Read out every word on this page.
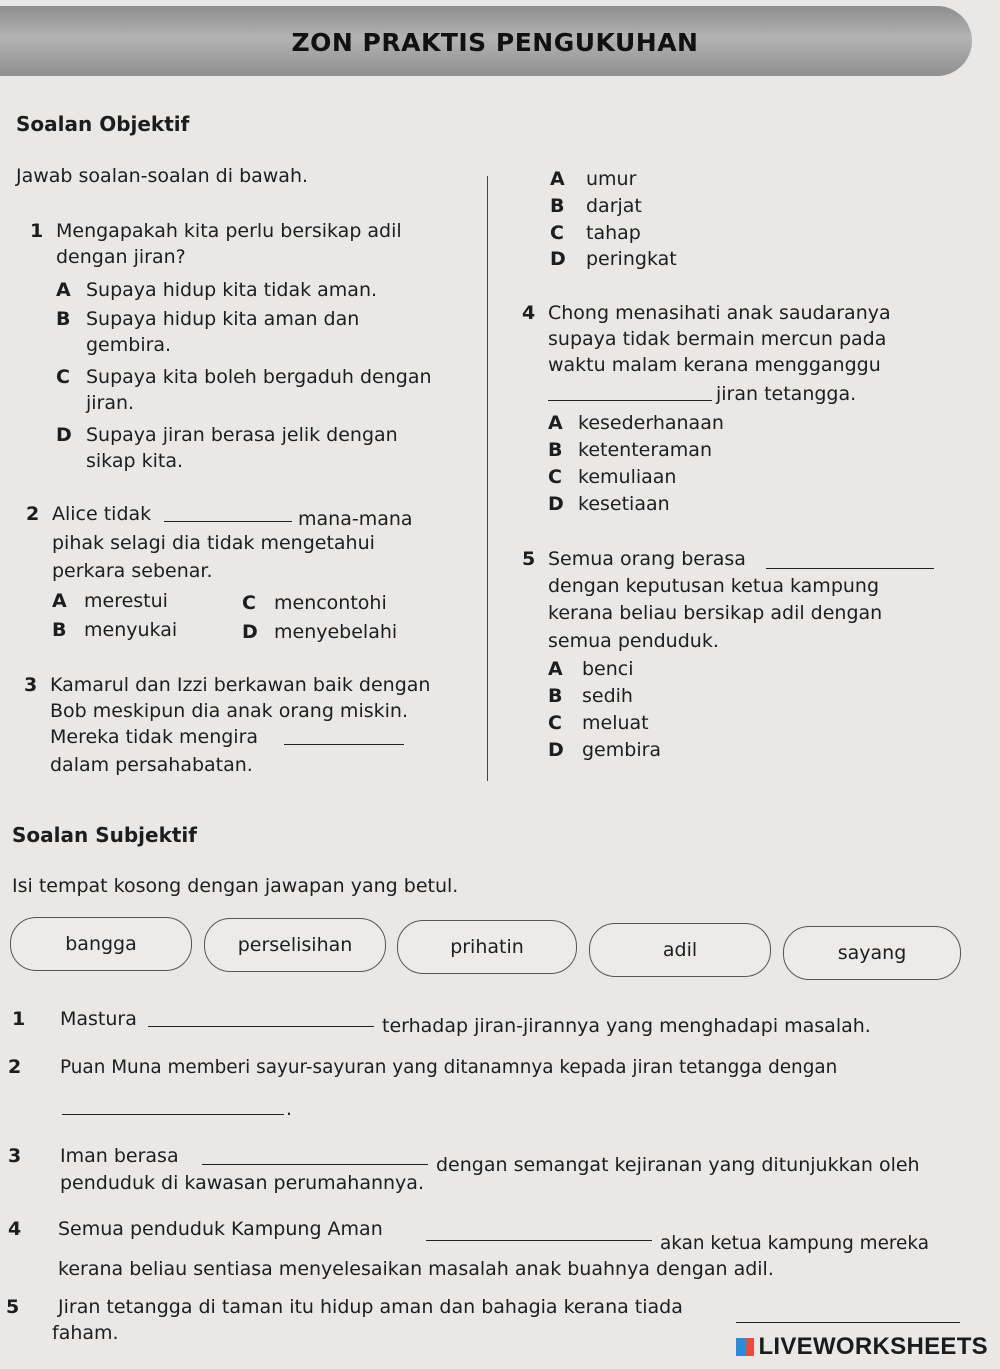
ZON PRAKTIS PENGUKUHAN
Soalan Objektif
Jawab soalan-soalan di bawah.
1 Mengapakah kita perlu bersikap adil
dengan jiran?
A Supaya hidup kita tidak aman.
B Supaya hidup kita aman dan
gembira.
C Supaya kita boleh bergaduh dengan
jiran.
D Supaya jiran berasa jelik dengan
sikap kita.
2 Alice tidak	mana-mana
pihak selagi dia tidak mengetahui
perkara sebenar.
A merestui	C mencontohi
B menyukai	D menyebelahi
3 Kamarul dan Izzi berkawan baik dengan
Bob meskipun dia anak orang miskin.
Mereka tidak mengira
dalam persahabatan.
A umur
B darjat
C tahap
D peringkat
4 Chong menasihati anak saudaranya
supaya tidak bermain mercun pada
waktu malam kerana mengganggu
jiran tetangga.
A kesederhanaan
B ketenteraman
C kemuliaan
D kesetiaan
5 Semua orang berasa
dengan keputusan ketua kampung
kerana beliau bersikap adil dengan
semua penduduk.
A benci
B sedih
C meluat
D gembira
Soalan Subjektif
Isi tempat kosong dengan jawapan yang betul.
bangga	perselisihan	prihatin	adil	sayang
1 Mastura	terhadap jiran-jirannya yang menghadapi masalah.
2 Puan Muna memberi sayur-sayuran yang ditanamnya kepada jiran tetangga dengan
.
3 Iman berasa	dengan semangat kejiranan yang ditunjukkan oleh
penduduk di kawasan perumahannya.
4 Semua penduduk Kampung Aman
akan ketua kampung mereka
kerana beliau sentiasa menyelesaikan masalah anak buahnya dengan adil.
5 Jiran tetangga di taman itu hidup aman dan bahagia kerana tiada
faham.	LIVEWORKSHEETS
